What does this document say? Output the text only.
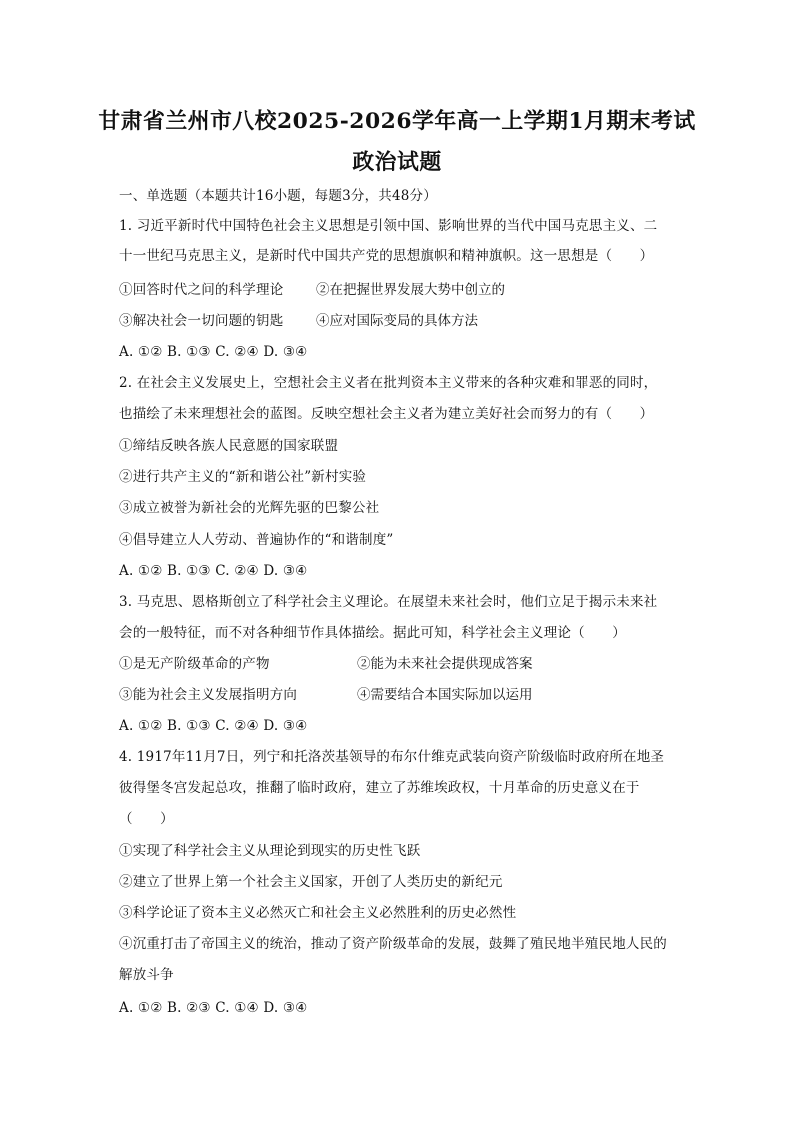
甘肃省兰州市八校2025-2026学年高一上学期1月期末考试
政治试题
一、单选题（本题共计16小题，每题3分，共48分）
1. 习近平新时代中国特色社会主义思想是引领中国、影响世界的当代中国马克思主义、二
十一世纪马克思主义，是新时代中国共产党的思想旗帜和精神旗帜。这一思想是（　　）
①回答时代之问的科学理论 ②在把握世界发展大势中创立的
③解决社会一切问题的钥匙 ④应对国际变局的具体方法
A. ①② B. ①③ C. ②④ D. ③④
2. 在社会主义发展史上，空想社会主义者在批判资本主义带来的各种灾难和罪恶的同时，
也描绘了未来理想社会的蓝图。反映空想社会主义者为建立美好社会而努力的有（　　）
①缔结反映各族人民意愿的国家联盟
②进行共产主义的“新和谐公社”新村实验
③成立被誉为新社会的光辉先驱的巴黎公社
④倡导建立人人劳动、普遍协作的“和谐制度”
A. ①② B. ①③ C. ②④ D. ③④
3. 马克思、恩格斯创立了科学社会主义理论。在展望未来社会时，他们立足于揭示未来社
会的一般特征，而不对各种细节作具体描绘。据此可知，科学社会主义理论（　　）
①是无产阶级革命的产物	②能为未来社会提供现成答案
③能为社会主义发展指明方向	④需要结合本国实际加以运用
A. ①② B. ①③ C. ②④ D. ③④
4. 1917年11月7日，列宁和托洛茨基领导的布尔什维克武装向资产阶级临时政府所在地圣
彼得堡冬宫发起总攻，推翻了临时政府，建立了苏维埃政权，十月革命的历史意义在于
（　　）
①实现了科学社会主义从理论到现实的历史性飞跃
②建立了世界上第一个社会主义国家，开创了人类历史的新纪元
③科学论证了资本主义必然灭亡和社会主义必然胜利的历史必然性
④沉重打击了帝国主义的统治，推动了资产阶级革命的发展，鼓舞了殖民地半殖民地人民的
解放斗争
A. ①② B. ②③ C. ①④ D. ③④
